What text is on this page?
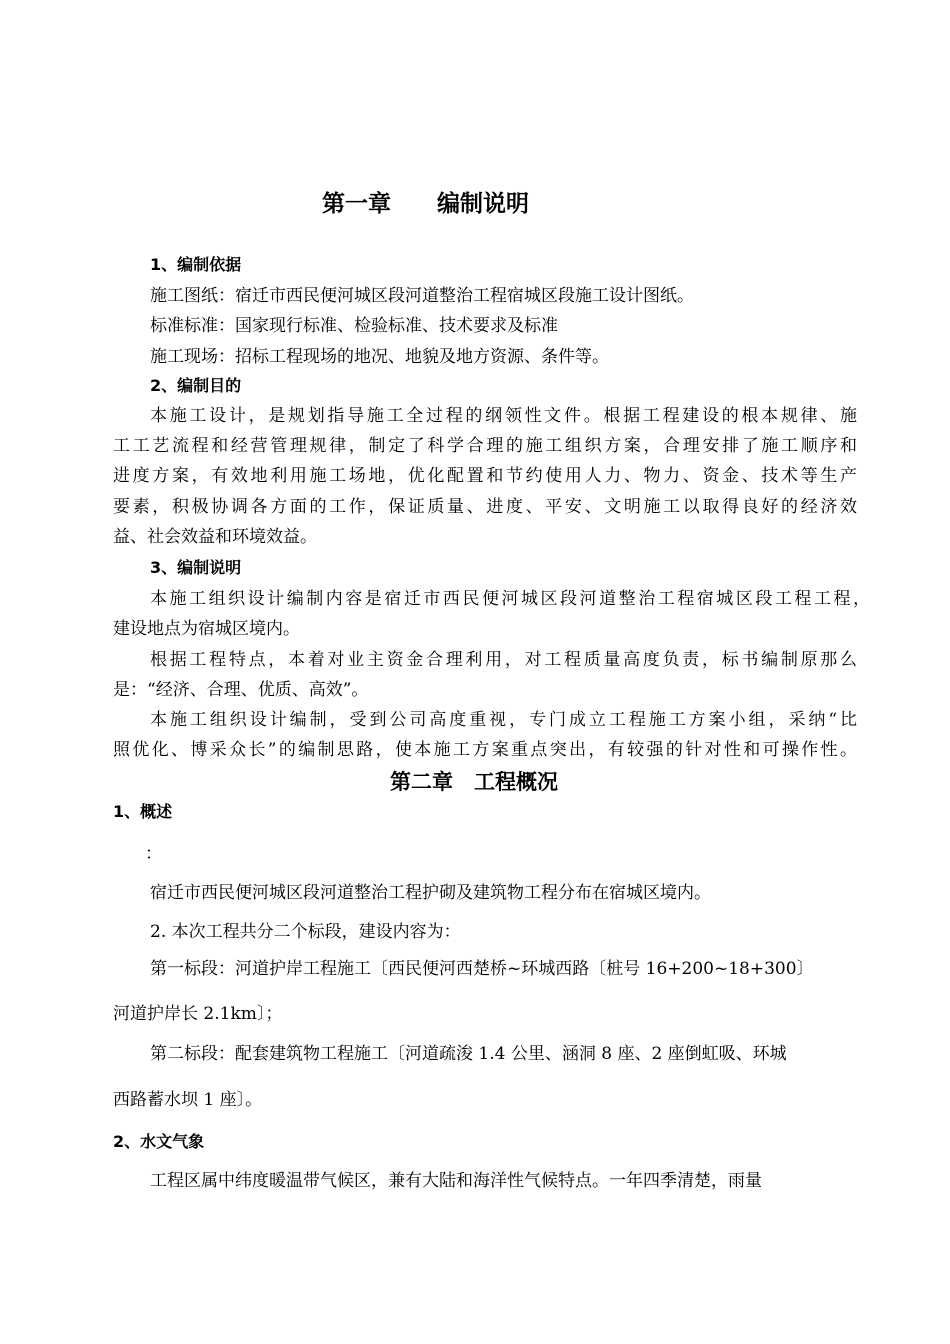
第一章　　编制说明
1、编制依据
施工图纸：宿迁市西民便河城区段河道整治工程宿城区段施工设计图纸。
标准标准：国家现行标准、检验标准、技术要求及标准
施工现场：招标工程现场的地况、地貌及地方资源、条件等。
2、编制目的
本施工设计，是规划指导施工全过程的纲领性文件。根据工程建设的根本规律、施
工工艺流程和经营管理规律，制定了科学合理的施工组织方案，合理安排了施工顺序和
进度方案，有效地利用施工场地，优化配置和节约使用人力、物力、资金、技术等生产
要素，积极协调各方面的工作，保证质量、进度、平安、文明施工以取得良好的经济效
益、社会效益和环境效益。
3、编制说明
本施工组织设计编制内容是宿迁市西民便河城区段河道整治工程宿城区段工程工程，
建设地点为宿城区境内。
根据工程特点，本着对业主资金合理利用，对工程质量高度负责，标书编制原那么
是：“经济、合理、优质、高效”。
本施工组织设计编制，受到公司高度重视，专门成立工程施工方案小组，采纳“比
照优化、博采众长”的编制思路，使本施工方案重点突出，有较强的针对性和可操作性。
第二章　工程概况
1、概述
：
宿迁市西民便河城区段河道整治工程护砌及建筑物工程分布在宿城区境内。
2. 本次工程共分二个标段，建设内容为：
第一标段：河道护岸工程施工〔西民便河西楚桥~环城西路〔桩号 16+200~18+300〕
河道护岸长 2.1km〕；
第二标段：配套建筑物工程施工〔河道疏浚 1.4 公里、涵洞 8 座、2 座倒虹吸、环城
西路蓄水坝 1 座〕。
2、水文气象
工程区属中纬度暖温带气候区，兼有大陆和海洋性气候特点。一年四季清楚，雨量
